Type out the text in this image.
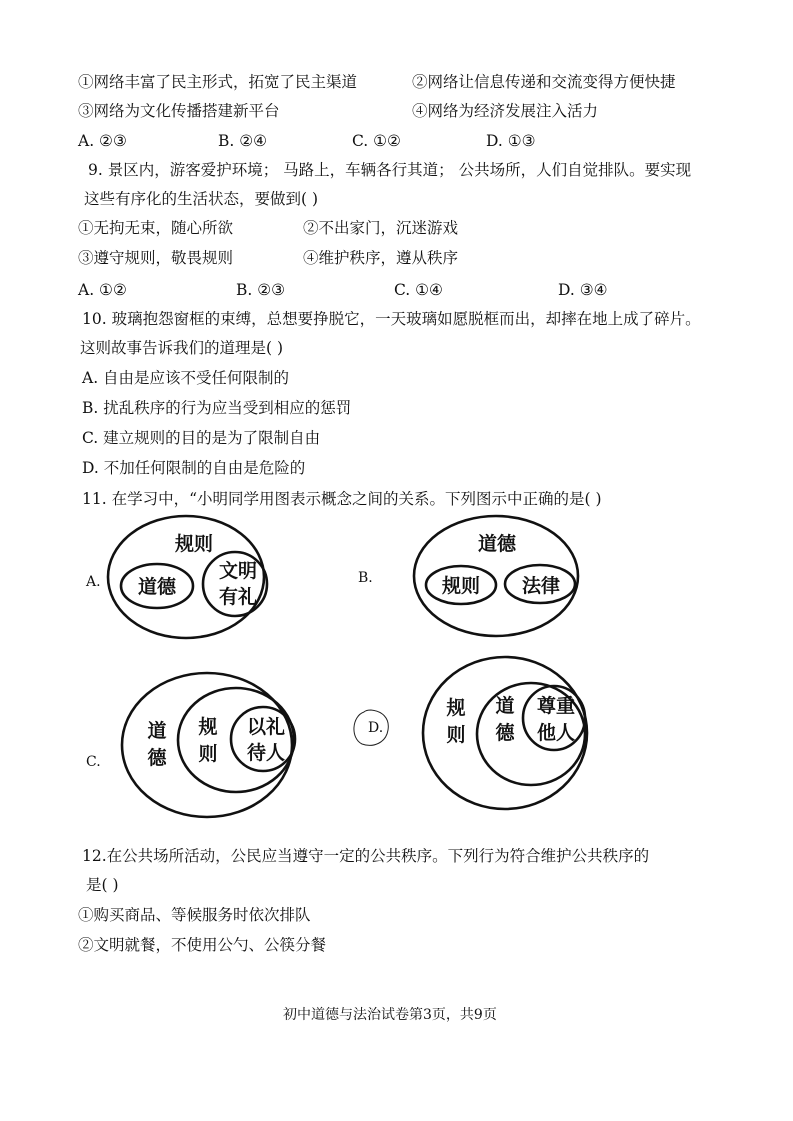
①网络丰富了民主形式，拓宽了民主渠道	②网络让信息传递和交流变得方便快捷
③网络为文化传播搭建新平台	④网络为经济发展注入活力
A. ②③	B. ②④	C. ①②	D. ①③
9. 景区内，游客爱护环境； 马路上，车辆各行其道； 公共场所，人们自觉排队。要实现
这些有序化的生活状态，要做到( )
①无拘无束，随心所欲	②不出家门，沉迷游戏
③遵守规则，敬畏规则	④维护秩序，遵从秩序
A. ①②	B. ②③	C. ①④	D. ③④
10. 玻璃抱怨窗框的束缚，总想要挣脱它，一天玻璃如愿脱框而出，却摔在地上成了碎片。
这则故事告诉我们的道理是( )
A. 自由是应该不受任何限制的
B. 扰乱秩序的行为应当受到相应的惩罚
C. 建立规则的目的是为了限制自由
D. 不加任何限制的自由是危险的
11. 在学习中，“小明同学用图表示概念之间的关系。下列图示中正确的是( )
A.
规则
道德
文明
有礼
B.
道德
规则 法律
C.
道
德
规
则
以礼
待人
D.
规
则
道
德
尊重
他人
12.在公共场所活动，公民应当遵守一定的公共秩序。下列行为符合维护公共秩序的
是( )
①购买商品、等候服务时依次排队
②文明就餐，不使用公勺、公筷分餐
初中道德与法治试卷第3页，共9页
